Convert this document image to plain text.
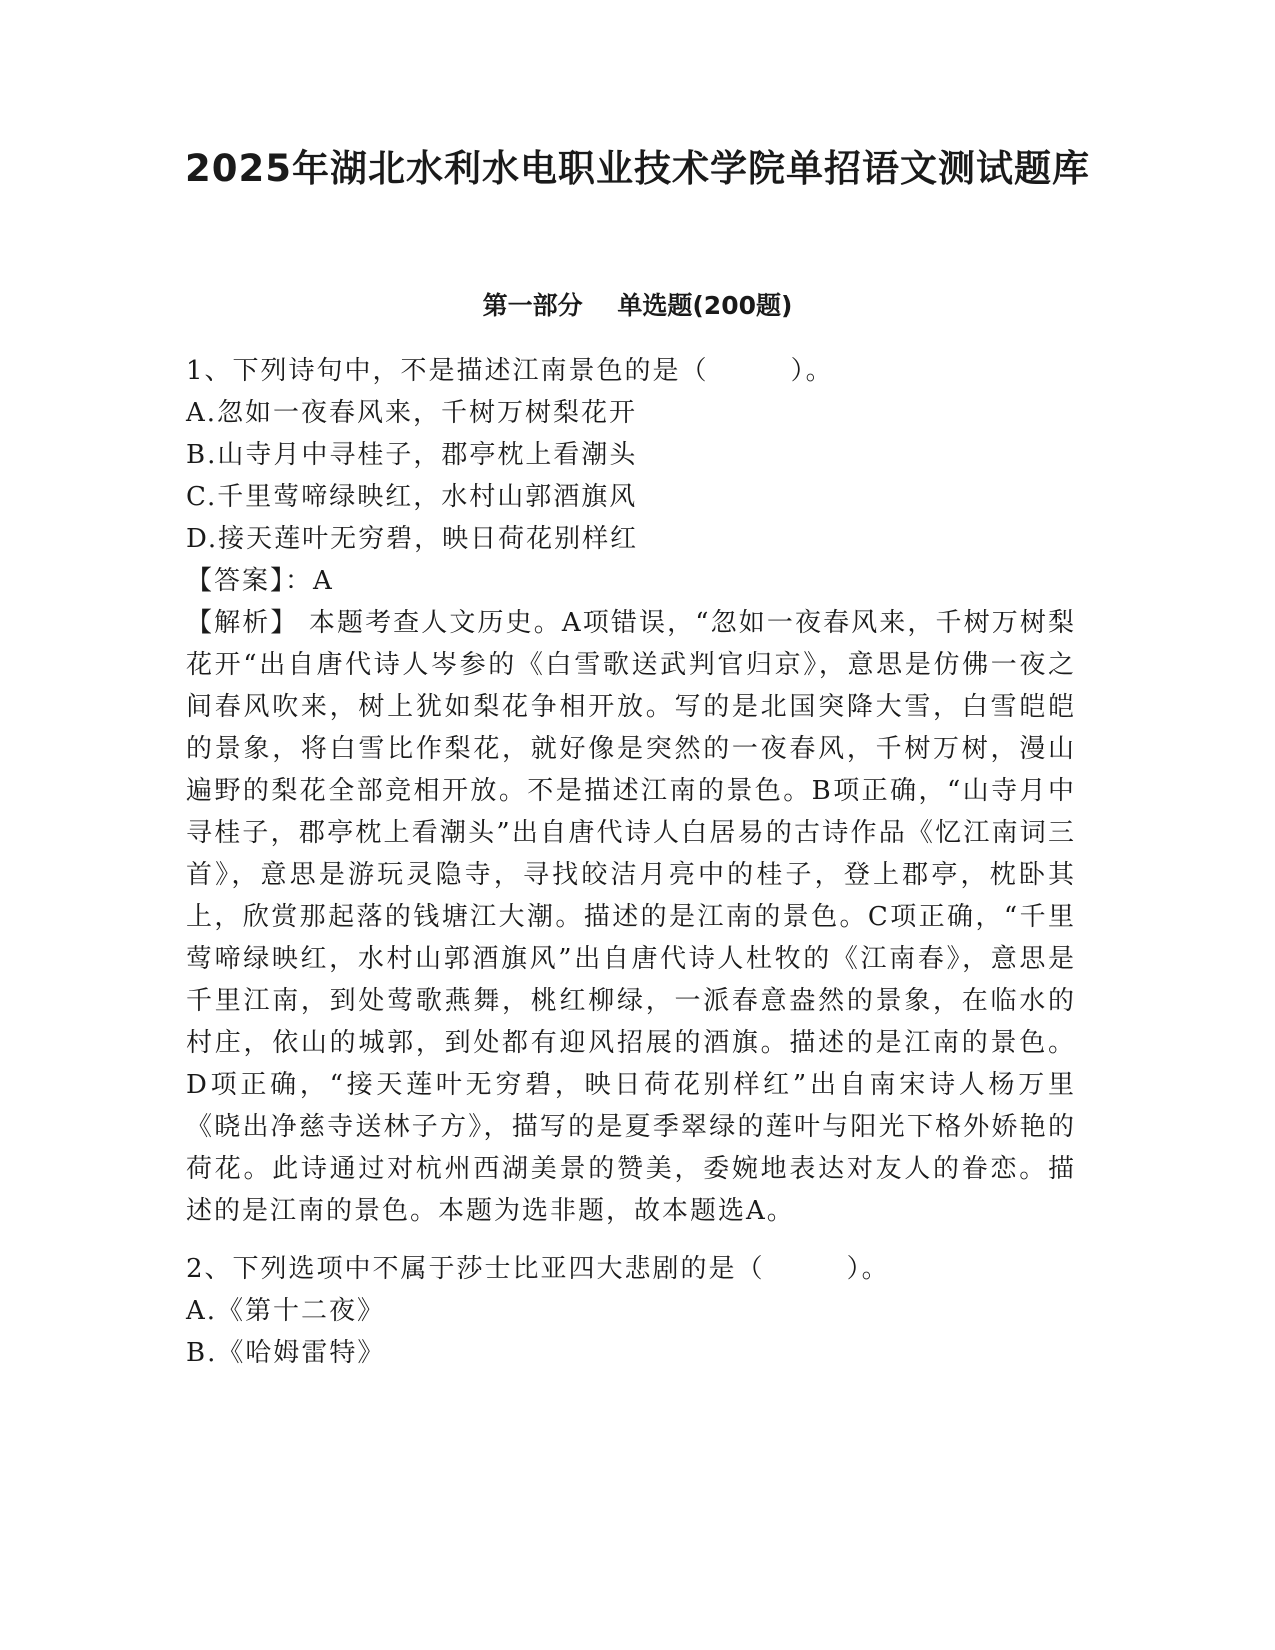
2025年湖北水利水电职业技术学院单招语文测试题库
第一部分    单选题(200题)
1、下列诗句中，不是描述江南景色的是（        ）。
A.忽如一夜春风来，千树万树梨花开
B.山寺月中寻桂子，郡亭枕上看潮头
C.千里莺啼绿映红，水村山郭酒旗风
D.接天莲叶无穷碧，映日荷花别样红
【答案】：A
【解析】 本题考查人文历史。A项错误，“忽如一夜春风来，千树万树梨花开“出自唐代诗人岑参的《白雪歌送武判官归京》，意思是仿佛一夜之间春风吹来，树上犹如梨花争相开放。写的是北国突降大雪，白雪皑皑的景象，将白雪比作梨花，就好像是突然的一夜春风，千树万树，漫山遍野的梨花全部竞相开放。不是描述江南的景色。B项正确，“山寺月中寻桂子，郡亭枕上看潮头”出自唐代诗人白居易的古诗作品《忆江南词三首》，意思是游玩灵隐寺，寻找皎洁月亮中的桂子，登上郡亭，枕卧其上，欣赏那起落的钱塘江大潮。描述的是江南的景色。C项正确，“千里莺啼绿映红，水村山郭酒旗风”出自唐代诗人杜牧的《江南春》，意思是千里江南，到处莺歌燕舞，桃红柳绿，一派春意盎然的景象，在临水的村庄，依山的城郭，到处都有迎风招展的酒旗。描述的是江南的景色。D项正确，“接天莲叶无穷碧，映日荷花别样红”出自南宋诗人杨万里《晓出净慈寺送林子方》，描写的是夏季翠绿的莲叶与阳光下格外娇艳的荷花。此诗通过对杭州西湖美景的赞美，委婉地表达对友人的眷恋。描述的是江南的景色。本题为选非题，故本题选A。
2、下列选项中不属于莎士比亚四大悲剧的是（        ）。
A.《第十二夜》
B.《哈姆雷特》
